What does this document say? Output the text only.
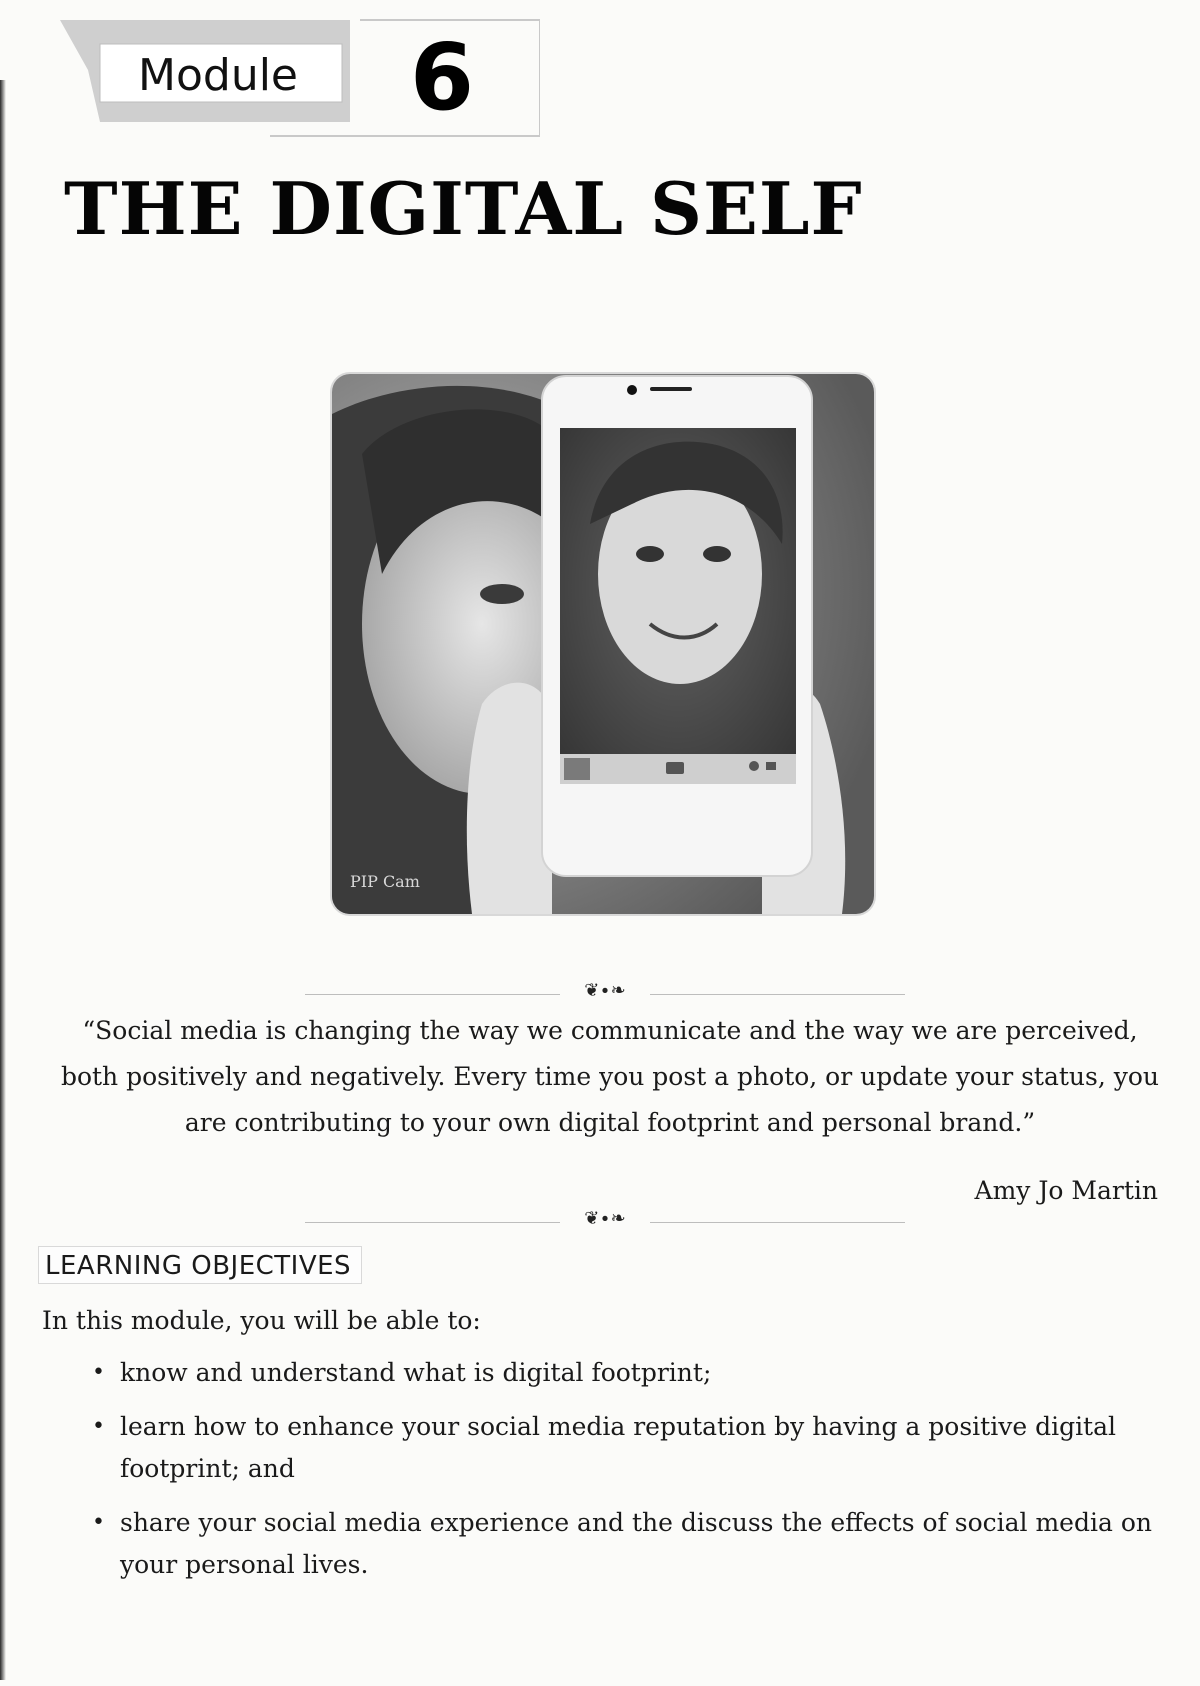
Module 6
THE DIGITAL SELF
PIP Cam
❦∙❧
“Social media is changing the way we communicate and the way we are perceived, both positively and negatively. Every time you post a photo, or update your status, you are contributing to your own digital footprint and personal brand.”
Amy Jo Martin
❦∙❧
LEARNING OBJECTIVES
In this module, you will be able to:
• know and understand what is digital footprint;
• learn how to enhance your social media reputation by having a positive digital footprint; and
• share your social media experience and the discuss the effects of social media on your personal lives.
